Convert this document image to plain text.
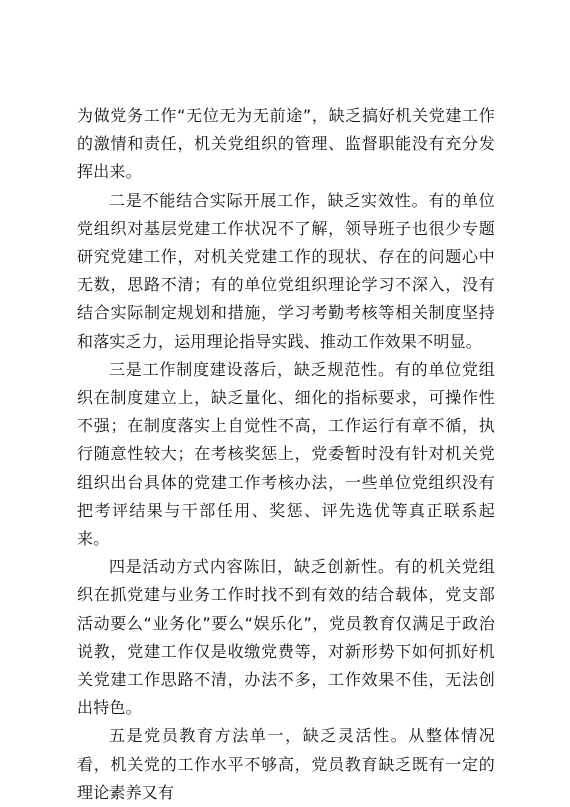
为做党务工作“无位无为无前途”，缺乏搞好机关党建工作的激情和责任，机关党组织的管理、监督职能没有充分发挥出来。

二是不能结合实际开展工作，缺乏实效性。有的单位党组织对基层党建工作状况不了解，领导班子也很少专题研究党建工作，对机关党建工作的现状、存在的问题心中无数，思路不清；有的单位党组织理论学习不深入，没有结合实际制定规划和措施，学习考勤考核等相关制度坚持和落实乏力，运用理论指导实践、推动工作效果不明显。

三是工作制度建设落后，缺乏规范性。有的单位党组织在制度建立上，缺乏量化、细化的指标要求，可操作性不强；在制度落实上自觉性不高，工作运行有章不循，执行随意性较大；在考核奖惩上，党委暂时没有针对机关党组织出台具体的党建工作考核办法，一些单位党组织没有把考评结果与干部任用、奖惩、评先选优等真正联系起来。

四是活动方式内容陈旧，缺乏创新性。有的机关党组织在抓党建与业务工作时找不到有效的结合载体，党支部活动要么“业务化”要么“娱乐化”，党员教育仅满足于政治说教，党建工作仅是收缴党费等，对新形势下如何抓好机关党建工作思路不清，办法不多，工作效果不佳，无法创出特色。

五是党员教育方法单一，缺乏灵活性。从整体情况看，机关党的工作水平不够高，党员教育缺乏既有一定的理论素养又有
